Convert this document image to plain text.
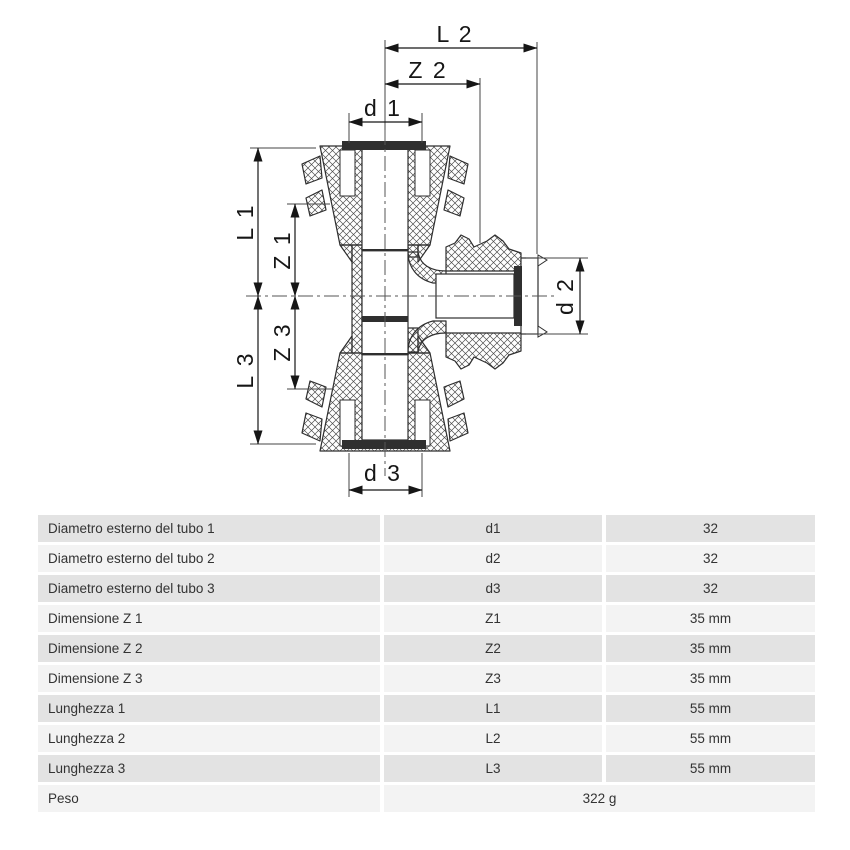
L 2
Z 2
d 1
d 3
L 1
Z 1
Z 3
L 3
d 2
Diametro esterno del tubo 1	d1	32
Diametro esterno del tubo 2	d2	32
Diametro esterno del tubo 3	d3	32
Dimensione Z 1	Z1	35 mm
Dimensione Z 2	Z2	35 mm
Dimensione Z 3	Z3	35 mm
Lunghezza 1	L1	55 mm
Lunghezza 2	L2	55 mm
Lunghezza 3	L3	55 mm
Peso	322 g
